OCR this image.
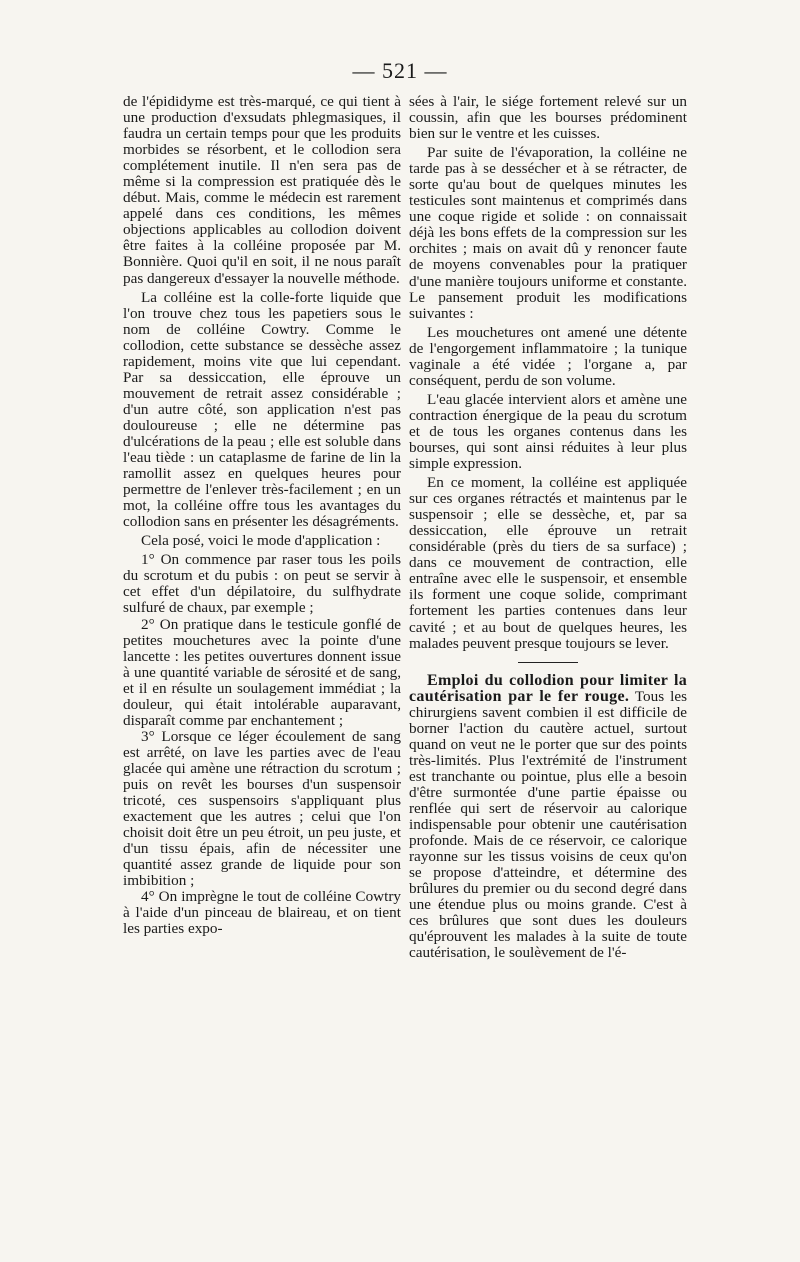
— 521 —

de l'épididyme est très-marqué, ce qui tient à une production d'exsudats phlegmasiques, il faudra un certain temps pour que les produits morbides se résorbent, et le collodion sera complétement inutile. Il n'en sera pas de même si la compression est pratiquée dès le début. Mais, comme le médecin est rarement appelé dans ces conditions, les mêmes objections applicables au collodion doivent être faites à la colléine proposée par M. Bonnière. Quoi qu'il en soit, il ne nous paraît pas dangereux d'essayer la nouvelle méthode.

La colléine est la colle-forte liquide que l'on trouve chez tous les papetiers sous le nom de colléine Cowtry. Comme le collodion, cette substance se dessèche assez rapidement, moins vite que lui cependant. Par sa dessiccation, elle éprouve un mouvement de retrait assez considérable ; d'un autre côté, son application n'est pas douloureuse ; elle ne détermine pas d'ulcérations de la peau ; elle est soluble dans l'eau tiède : un cataplasme de farine de lin la ramollit assez en quelques heures pour permettre de l'enlever très-facilement ; en un mot, la colléine offre tous les avantages du collodion sans en présenter les désagréments.

Cela posé, voici le mode d'application :

1° On commence par raser tous les poils du scrotum et du pubis : on peut se servir à cet effet d'un dépilatoire, du sulfhydrate sulfuré de chaux, par exemple ;

2° On pratique dans le testicule gonflé de petites mouchetures avec la pointe d'une lancette : les petites ouvertures donnent issue à une quantité variable de sérosité et de sang, et il en résulte un soulagement immédiat ; la douleur, qui était intolérable auparavant, disparaît comme par enchantement ;

3° Lorsque ce léger écoulement de sang est arrêté, on lave les parties avec de l'eau glacée qui amène une rétraction du scrotum ; puis on revêt les bourses d'un suspensoir tricoté, ces suspensoirs s'appliquant plus exactement que les autres ; celui que l'on choisit doit être un peu étroit, un peu juste, et d'un tissu épais, afin de nécessiter une quantité assez grande de liquide pour son imbibition ;

4° On imprègne le tout de colléine Cowtry à l'aide d'un pinceau de blaireau, et on tient les parties expo-

sées à l'air, le siége fortement relevé sur un coussin, afin que les bourses prédominent bien sur le ventre et les cuisses.

Par suite de l'évaporation, la colléine ne tarde pas à se dessécher et à se rétracter, de sorte qu'au bout de quelques minutes les testicules sont maintenus et comprimés dans une coque rigide et solide : on connaissait déjà les bons effets de la compression sur les orchites ; mais on avait dû y renoncer faute de moyens convenables pour la pratiquer d'une manière toujours uniforme et constante. Le pansement produit les modifications suivantes :

Les mouchetures ont amené une détente de l'engorgement inflammatoire ; la tunique vaginale a été vidée ; l'organe a, par conséquent, perdu de son volume.

L'eau glacée intervient alors et amène une contraction énergique de la peau du scrotum et de tous les organes contenus dans les bourses, qui sont ainsi réduites à leur plus simple expression.

En ce moment, la colléine est appliquée sur ces organes rétractés et maintenus par le suspensoir ; elle se dessèche, et, par sa dessiccation, elle éprouve un retrait considérable (près du tiers de sa surface) ; dans ce mouvement de contraction, elle entraîne avec elle le suspensoir, et ensemble ils forment une coque solide, comprimant fortement les parties contenues dans leur cavité ; et au bout de quelques heures, les malades peuvent presque toujours se lever.

Emploi du collodion pour limiter la cautérisation par le fer rouge. Tous les chirurgiens savent combien il est difficile de borner l'action du cautère actuel, surtout quand on veut ne le porter que sur des points très-limités. Plus l'extrémité de l'instrument est tranchante ou pointue, plus elle a besoin d'être surmontée d'une partie épaisse ou renflée qui sert de réservoir au calorique indispensable pour obtenir une cautérisation profonde. Mais de ce réservoir, ce calorique rayonne sur les tissus voisins de ceux qu'on se propose d'atteindre, et détermine des brûlures du premier ou du second degré dans une étendue plus ou moins grande. C'est à ces brûlures que sont dues les douleurs qu'éprouvent les malades à la suite de toute cautérisation, le soulèvement de l'é-
